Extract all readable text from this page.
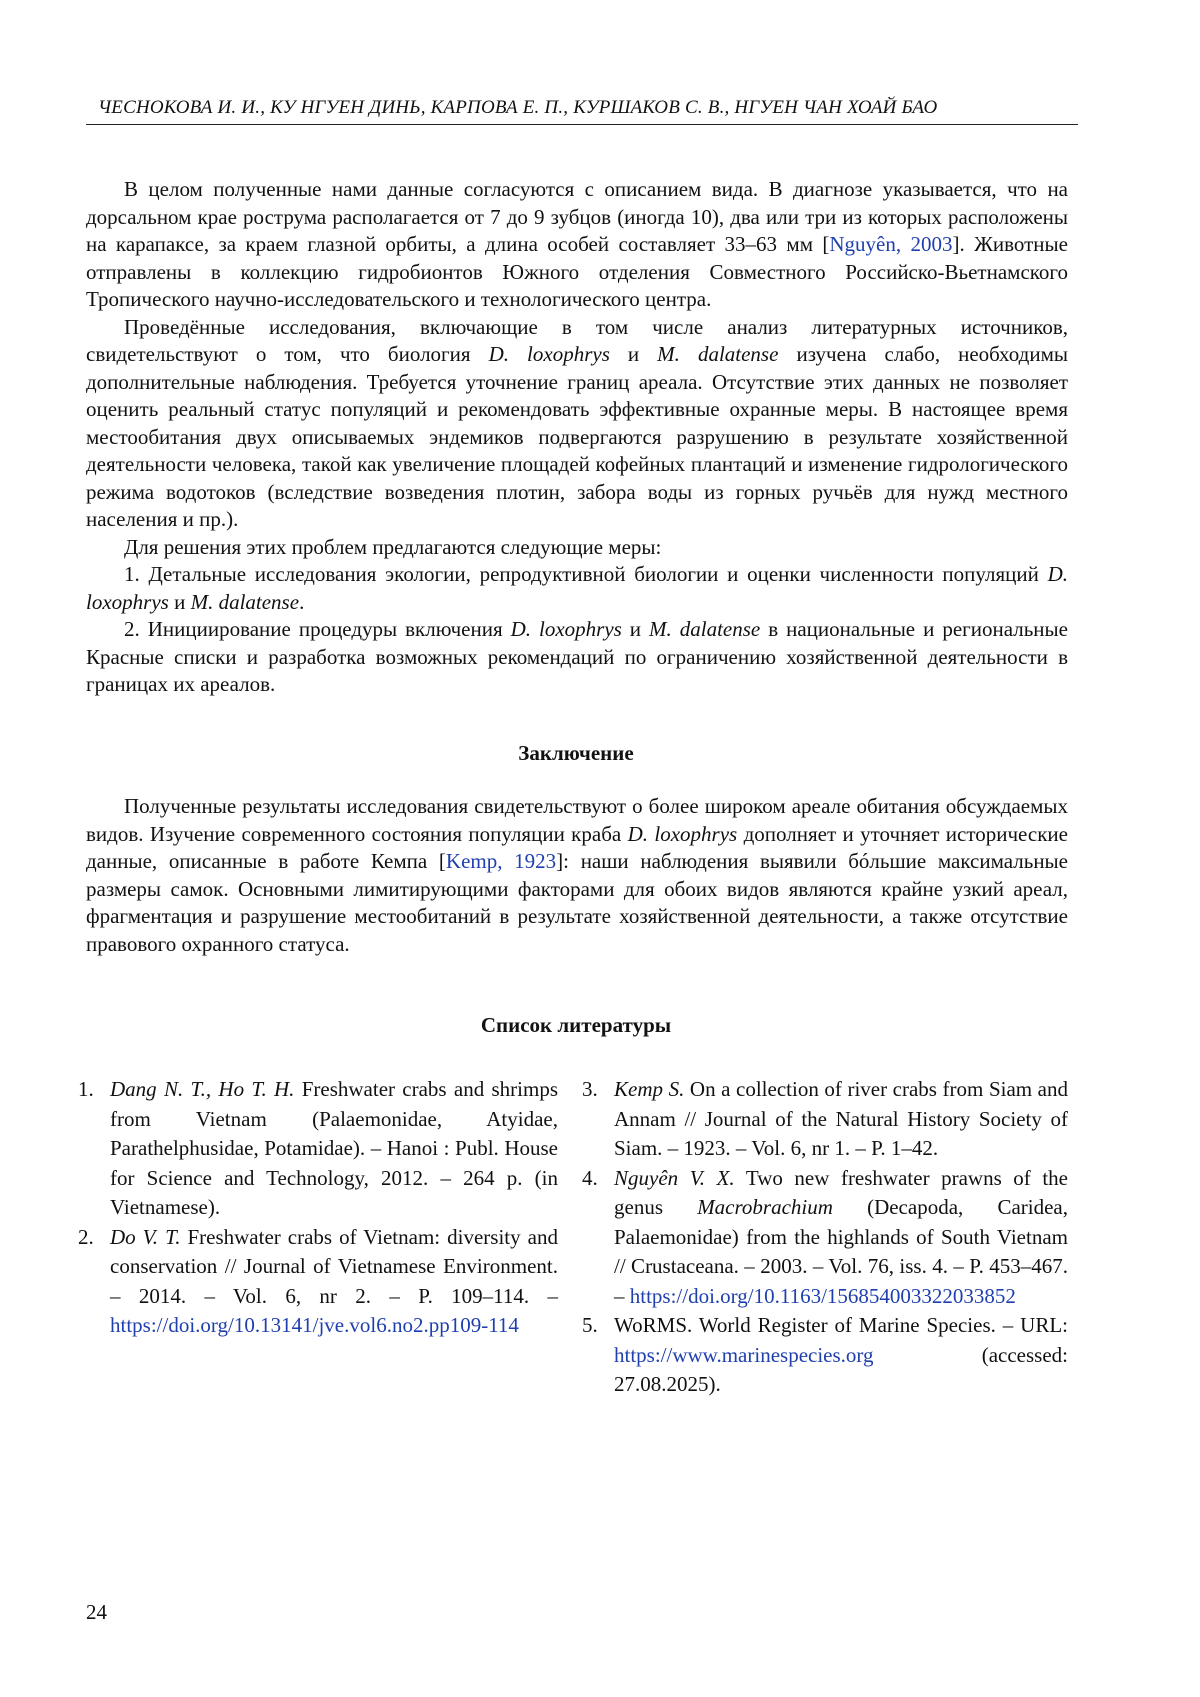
ЧЕСНОКОВА И. И., КУ НГУЕН ДИНЬ, КАРПОВА Е. П., КУРШАКОВ С. В., НГУЕН ЧАН ХОАЙ БАО

В целом полученные нами данные согласуются с описанием вида. В диагнозе указывается, что на дорсальном крае рострума располагается от 7 до 9 зубцов (иногда 10), два или три из которых расположены на карапаксе, за краем глазной орбиты, а длина особей составляет 33–63 мм [Nguyên, 2003]. Животные отправлены в коллекцию гидробионтов Южного отделения Совместного Российско-Вьетнамского Тропического научно-исследовательского и технологического центра.

Проведённые исследования, включающие в том числе анализ литературных источников, свидетельствуют о том, что биология D. loxophrys и M. dalatense изучена слабо, необходимы дополнительные наблюдения. Требуется уточнение границ ареала. Отсутствие этих данных не позволяет оценить реальный статус популяций и рекомендовать эффективные охранные меры. В настоящее время местообитания двух описываемых эндемиков подвергаются разрушению в результате хозяйственной деятельности человека, такой как увеличение площадей кофейных плантаций и изменение гидрологического режима водотоков (вследствие возведения плотин, забора воды из горных ручьёв для нужд местного населения и пр.).

Для решения этих проблем предлагаются следующие меры:

1. Детальные исследования экологии, репродуктивной биологии и оценки численности популяций D. loxophrys и M. dalatense.

2. Инициирование процедуры включения D. loxophrys и M. dalatense в национальные и региональные Красные списки и разработка возможных рекомендаций по ограничению хозяйственной деятельности в границах их ареалов.

Заключение

Полученные результаты исследования свидетельствуют о более широком ареале обитания обсуждаемых видов. Изучение современного состояния популяции краба D. loxophrys дополняет и уточняет исторические данные, описанные в работе Кемпа [Kemp, 1923]: наши наблюдения выявили бóльшие максимальные размеры самок. Основными лимитирующими факторами для обоих видов являются крайне узкий ареал, фрагментация и разрушение местообитаний в результате хозяйственной деятельности, а также отсутствие правового охранного статуса.

Список литературы
1. Dang N. T., Ho T. H. Freshwater crabs and shrimps from Vietnam (Palaemonidae, Atyidae, Parathelphusidae, Potamidae). – Hanoi : Publ. House for Science and Technology, 2012. – 264 p. (in Vietnamese).
2. Do V. T. Freshwater crabs of Vietnam: diversity and conservation // Journal of Vietnamese Environment. – 2014. – Vol. 6, nr 2. – P. 109–114. – https://doi.org/10.13141/jve.vol6.no2.pp109-114
3. Kemp S. On a collection of river crabs from Siam and Annam // Journal of the Natural History Society of Siam. – 1923. – Vol. 6, nr 1. – P. 1–42.
4. Nguyên V. X. Two new freshwater prawns of the genus Macrobrachium (Decapoda, Caridea, Palaemonidae) from the highlands of South Vietnam // Crustaceana. – 2003. – Vol. 76, iss. 4. – P. 453–467. – https://doi.org/10.1163/156854003322033852
5. WoRMS. World Register of Marine Species. – URL: https://www.marinespecies.org (accessed: 27.08.2025).
24
